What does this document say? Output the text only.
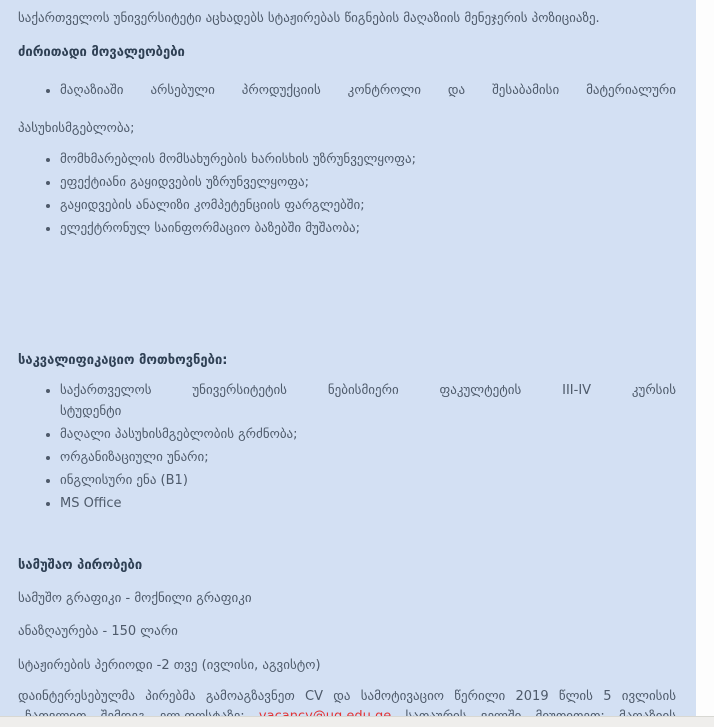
საქართველოს უნივერსიტეტი აცხადებს სტაჟირებას წიგნების მაღაზიის მენეჯერის პოზიციაზე.

ძირითადი მოვალეობები

• მაღაზიაში არსებული პროდუქციის კონტროლი და შესაბამისი მატერიალური

პასუხისმგებლობა;

• მომხმარებლის მომსახურების ხარისხის უზრუნველყოფა;
• ეფექტიანი გაყიდვების უზრუნველყოფა;
• გაყიდვების ანალიზი კომპეტენციის ფარგლებში;
• ელექტრონულ საინფორმაციო ბაზებში მუშაობა;

საკვალიფიკაციო მოთხოვნები:

• საქართველოს უნივერსიტეტის ნებისმიერი ფაკულტეტის III-IV კურსის
სტუდენტი
• მაღალი პასუხისმგებლობის გრძნობა;
• ორგანიზაციული უნარი;
• ინგლისური ენა (B1)
• MS Office

სამუშაო პირობები

სამუშო გრაფიკი - მოქნილი გრაფიკი

ანაზღაურება - 150 ლარი

სტაჟირების პერიოდი -2 თვე (ივლისი, აგვისტო)

დაინტერესებულმა პირებმა გამოაგზავნეთ CV და სამოტივაციო წერილი 2019 წლის 5 ივლისის
